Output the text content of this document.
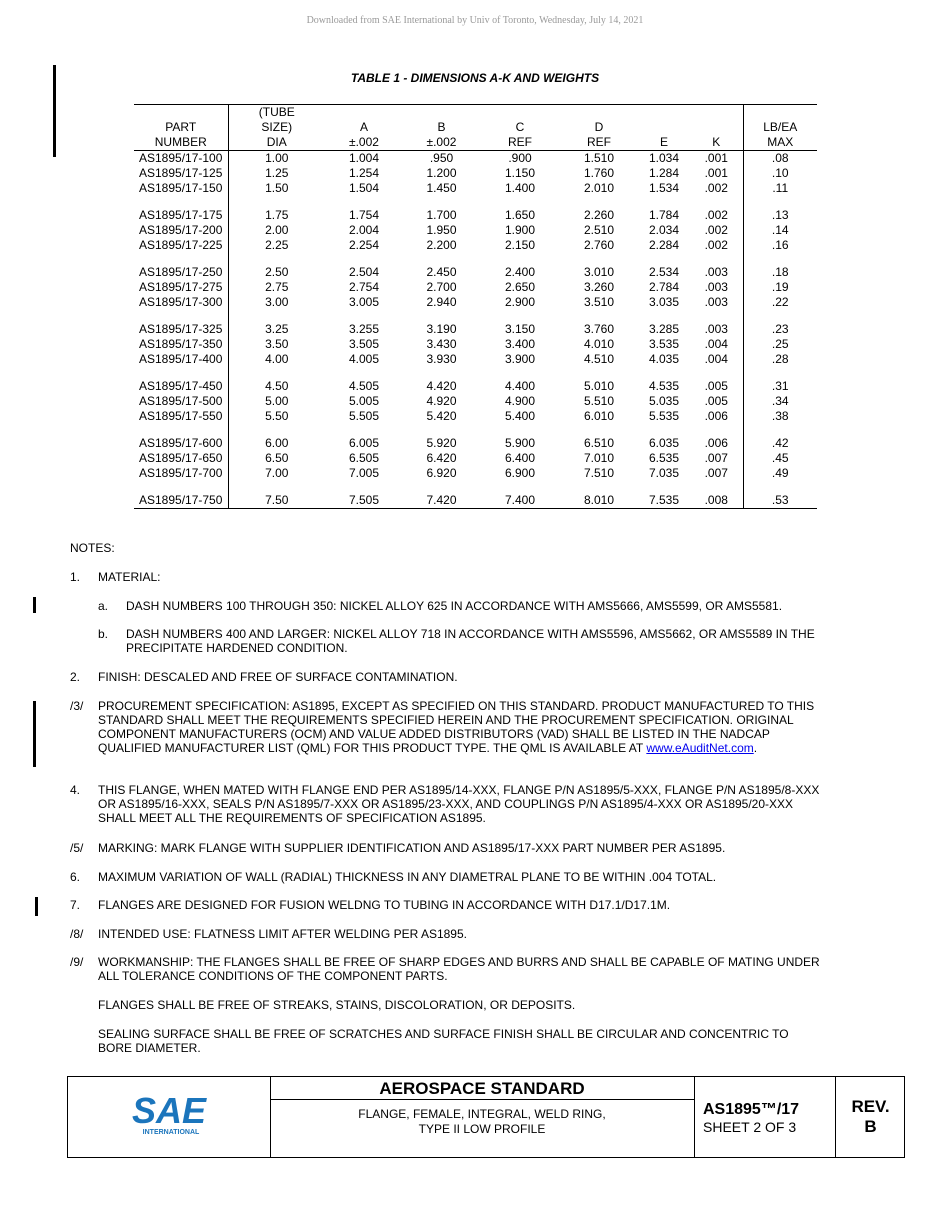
Downloaded from SAE International by Univ of Toronto, Wednesday, July 14, 2021
TABLE 1 - DIMENSIONS A-K AND WEIGHTS
	(TUBE							
PART	SIZE)	A	B	C	D			LB/EA
NUMBER	DIA	±.002	±.002	REF	REF	E	K	MAX
AS1895/17-100	1.00	1.004	.950	.900	1.510	1.034	.001	.08
AS1895/17-125	1.25	1.254	1.200	1.150	1.760	1.284	.001	.10
AS1895/17-150	1.50	1.504	1.450	1.400	2.010	1.534	.002	.11

AS1895/17-175	1.75	1.754	1.700	1.650	2.260	1.784	.002	.13
AS1895/17-200	2.00	2.004	1.950	1.900	2.510	2.034	.002	.14
AS1895/17-225	2.25	2.254	2.200	2.150	2.760	2.284	.002	.16

AS1895/17-250	2.50	2.504	2.450	2.400	3.010	2.534	.003	.18
AS1895/17-275	2.75	2.754	2.700	2.650	3.260	2.784	.003	.19
AS1895/17-300	3.00	3.005	2.940	2.900	3.510	3.035	.003	.22

AS1895/17-325	3.25	3.255	3.190	3.150	3.760	3.285	.003	.23
AS1895/17-350	3.50	3.505	3.430	3.400	4.010	3.535	.004	.25
AS1895/17-400	4.00	4.005	3.930	3.900	4.510	4.035	.004	.28

AS1895/17-450	4.50	4.505	4.420	4.400	5.010	4.535	.005	.31
AS1895/17-500	5.00	5.005	4.920	4.900	5.510	5.035	.005	.34
AS1895/17-550	5.50	5.505	5.420	5.400	6.010	5.535	.006	.38

AS1895/17-600	6.00	6.005	5.920	5.900	6.510	6.035	.006	.42
AS1895/17-650	6.50	6.505	6.420	6.400	7.010	6.535	.007	.45
AS1895/17-700	7.00	7.005	6.920	6.900	7.510	7.035	.007	.49

AS1895/17-750	7.50	7.505	7.420	7.400	8.010	7.535	.008	.53
NOTES:
1. MATERIAL:
a. DASH NUMBERS 100 THROUGH 350: NICKEL ALLOY 625 IN ACCORDANCE WITH AMS5666, AMS5599, OR AMS5581.
b. DASH NUMBERS 400 AND LARGER: NICKEL ALLOY 718 IN ACCORDANCE WITH AMS5596, AMS5662, OR AMS5589 IN THE PRECIPITATE HARDENED CONDITION.
2. FINISH: DESCALED AND FREE OF SURFACE CONTAMINATION.
/3/ PROCUREMENT SPECIFICATION: AS1895, EXCEPT AS SPECIFIED ON THIS STANDARD. PRODUCT MANUFACTURED TO THIS STANDARD SHALL MEET THE REQUIREMENTS SPECIFIED HEREIN AND THE PROCUREMENT SPECIFICATION. ORIGINAL COMPONENT MANUFACTURERS (OCM) AND VALUE ADDED DISTRIBUTORS (VAD) SHALL BE LISTED IN THE NADCAP QUALIFIED MANUFACTURER LIST (QML) FOR THIS PRODUCT TYPE. THE QML IS AVAILABLE AT www.eAuditNet.com.
4. THIS FLANGE, WHEN MATED WITH FLANGE END PER AS1895/14-XXX, FLANGE P/N AS1895/5-XXX, FLANGE P/N AS1895/8-XXX OR AS1895/16-XXX, SEALS P/N AS1895/7-XXX OR AS1895/23-XXX, AND COUPLINGS P/N AS1895/4-XXX OR AS1895/20-XXX SHALL MEET ALL THE REQUIREMENTS OF SPECIFICATION AS1895.
/5/ MARKING: MARK FLANGE WITH SUPPLIER IDENTIFICATION AND AS1895/17-XXX PART NUMBER PER AS1895.
6. MAXIMUM VARIATION OF WALL (RADIAL) THICKNESS IN ANY DIAMETRAL PLANE TO BE WITHIN .004 TOTAL.
7. FLANGES ARE DESIGNED FOR FUSION WELDNG TO TUBING IN ACCORDANCE WITH D17.1/D17.1M.
/8/ INTENDED USE: FLATNESS LIMIT AFTER WELDING PER AS1895.
/9/ WORKMANSHIP: THE FLANGES SHALL BE FREE OF SHARP EDGES AND BURRS AND SHALL BE CAPABLE OF MATING UNDER ALL TOLERANCE CONDITIONS OF THE COMPONENT PARTS.
FLANGES SHALL BE FREE OF STREAKS, STAINS, DISCOLORATION, OR DEPOSITS.
SEALING SURFACE SHALL BE FREE OF SCRATCHES AND SURFACE FINISH SHALL BE CIRCULAR AND CONCENTRIC TO BORE DIAMETER.
SAE
INTERNATIONAL
AEROSPACE STANDARD
FLANGE, FEMALE, INTEGRAL, WELD RING,
TYPE II LOW PROFILE
AS1895™/17
SHEET 2 OF 3
REV.
B
